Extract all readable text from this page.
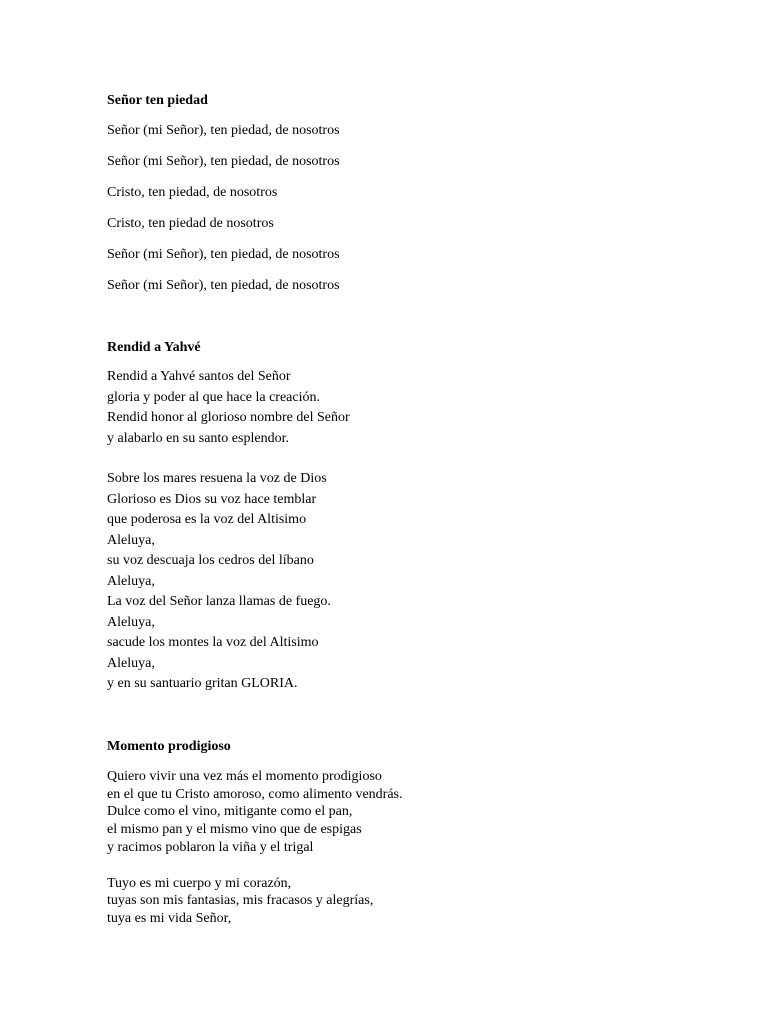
Señor ten piedad
Señor (mi Señor), ten piedad, de nosotros
Señor (mi Señor), ten piedad, de nosotros
Cristo, ten piedad, de nosotros
Cristo, ten piedad de nosotros
Señor (mi Señor), ten piedad, de nosotros
Señor (mi Señor), ten piedad, de nosotros
Rendid a Yahvé
Rendid a Yahvé santos del Señor
gloria y poder al que hace la creación.
Rendid honor al glorioso nombre del Señor
y alabarlo en su santo esplendor.
Sobre los mares resuena la voz de Dios
Glorioso es Dios su voz hace temblar
que poderosa es la voz del Altisimo
Aleluya,
su voz descuaja los cedros del líbano
Aleluya,
La voz del Señor lanza llamas de fuego.
Aleluya,
sacude los montes la voz del Altisimo
Aleluya,
y en su santuario gritan GLORIA.
Momento prodigioso
Quiero vivir una vez más el momento prodigioso
en el que tu Cristo amoroso, como alimento vendrás.
Dulce como el vino, mitigante como el pan,
el mismo pan y el mismo vino que de espigas
y racimos poblaron la viña y el trigal
Tuyo es mi cuerpo y mi corazón,
tuyas son mis fantasias, mis fracasos y alegrías,
tuya es mi vida Señor,
